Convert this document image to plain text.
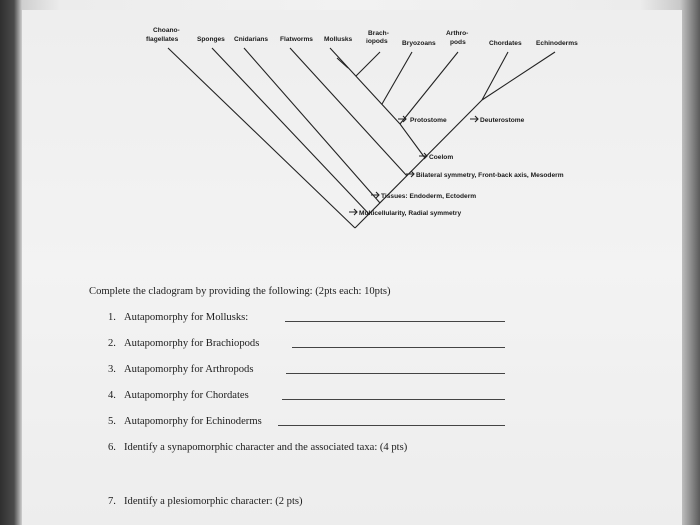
Choano- flagellates	Sponges Cnidarians Flatworms Mollusks
Brach- iopods	Bryozoans
Arthro- pods	Chordates Echinoderms
Protostome	Deuterostome
Coelom
Bilateral symmetry, Front-back axis, Mesoderm
Tissues: Endoderm, Ectoderm
Multicellularity, Radial symmetry
Complete the cladogram by providing the following: (2pts each: 10pts)
1. Autapomorphy for Mollusks:
2. Autapomorphy for Brachiopods
3. Autapomorphy for Arthropods
4. Autapomorphy for Chordates
5. Autapomorphy for Echinoderms
6. Identify a synapomorphic character and the associated taxa: (4 pts)
7. Identify a plesiomorphic character: (2 pts)
